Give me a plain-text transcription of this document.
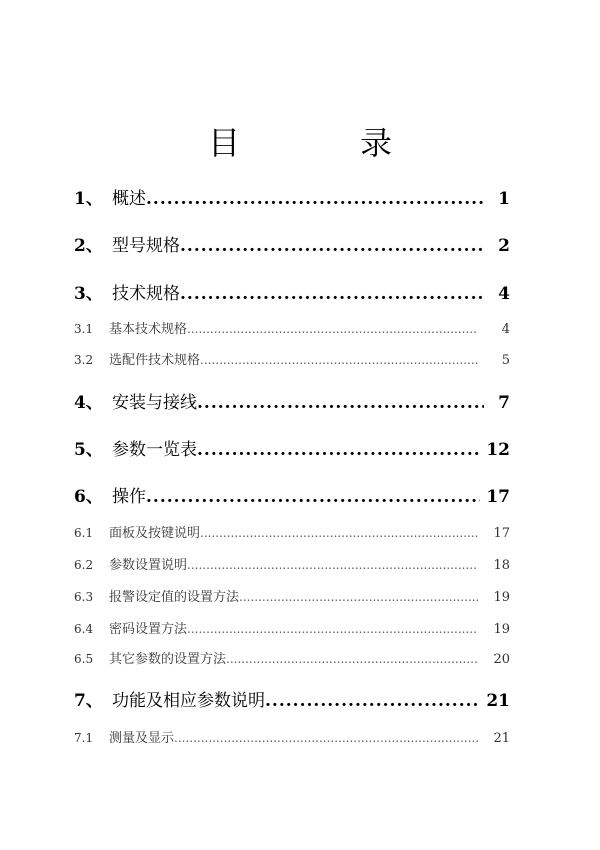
目　录
1、 概述 .....	1
2、 型号规格 .....	2
3、 技术规格 .....	4
3.1	基本技术规格 .....	4
3.2	选配件技术规格 .....	5
4、 安装与接线 .....	7
5、 参数一览表 .....	12
6、 操作 .....	17
6.1	面板及按键说明 .....	17
6.2	参数设置说明 .....	18
6.3	报警设定值的设置方法 .....	19
6.4	密码设置方法 .....	19
6.5	其它参数的设置方法 .....	20
7、 功能及相应参数说明 .....	21
7.1	测量及显示 .....	21
